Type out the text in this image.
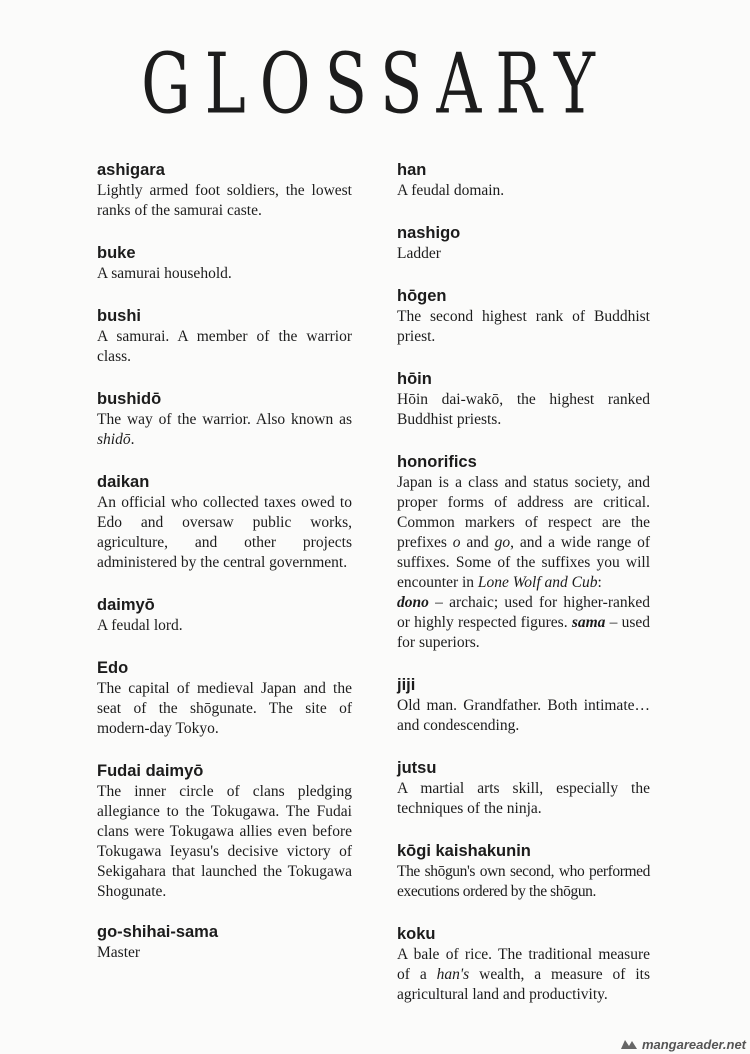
GLOSSARY
ashigara
Lightly armed foot soldiers, the lowest ranks of the samurai caste.
buke
A samurai household.
bushi
A samurai. A member of the warrior class.
bushidō
The way of the warrior. Also known as shidō.
daikan
An official who collected taxes owed to Edo and oversaw public works, agriculture, and other projects administered by the central government.
daimyō
A feudal lord.
Edo
The capital of medieval Japan and the seat of the shōgunate. The site of modern-day Tokyo.
Fudai daimyō
The inner circle of clans pledging allegiance to the Tokugawa. The Fudai clans were Tokugawa allies even before Tokugawa Ieyasu's decisive victory of Sekigahara that launched the Tokugawa Shogunate.
go-shihai-sama
Master
han
A feudal domain.
nashigo
Ladder
hōgen
The second highest rank of Buddhist priest.
hōin
Hōin dai-wakō, the highest ranked Buddhist priests.
honorifics
Japan is a class and status society, and proper forms of address are critical. Common markers of respect are the prefixes o and go, and a wide range of suffixes. Some of the suffixes you will encounter in Lone Wolf and Cub:
dono – archaic; used for higher-ranked or highly respected figures. sama – used for superiors.
jiji
Old man. Grandfather. Both intimate… and condescending.
jutsu
A martial arts skill, especially the techniques of the ninja.
kōgi kaishakunin
The shōgun's own second, who performed executions ordered by the shōgun.
koku
A bale of rice. The traditional measure of a han's wealth, a measure of its agricultural land and productivity.
mangareader.net
